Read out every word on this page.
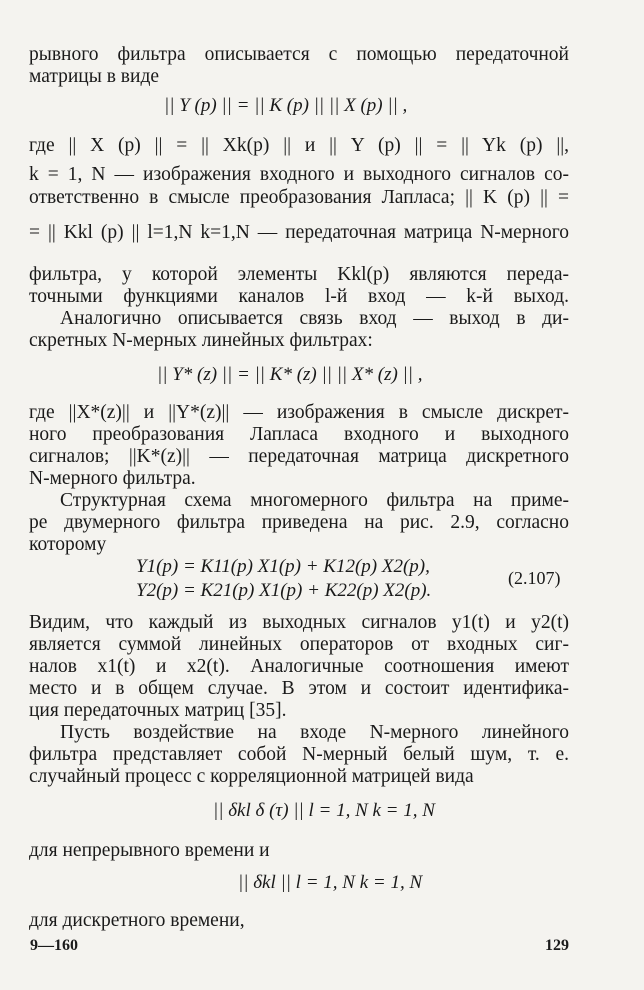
рывного фильтра описывается с помощью передаточной
матрицы в виде
|| Y (p) || = || K (p) || || X (p) || ,
где || X (p) || = || Xk(p) || и || Y (p) || = || Yk (p) ||,
k = 1, N — изображения входного и выходного сигналов со-
ответственно в смысле преобразования Лапласа; || K (p) || =
= || Kkl (p) || l=1,N k=1,N — передаточная матрица N-мерного
фильтра, у которой элементы Kkl(p) являются переда-
точными функциями каналов l-й вход — k-й выход.
Аналогично описывается связь вход — выход в ди-
скретных N-мерных линейных фильтрах:
|| Y* (z) || = || K* (z) || || X* (z) || ,
где ||X*(z)|| и ||Y*(z)|| — изображения в смысле дискрет-
ного преобразования Лапласа входного и выходного
сигналов; ||K*(z)|| — передаточная матрица дискретного
N-мерного фильтра.
Структурная схема многомерного фильтра на приме-
ре двумерного фильтра приведена на рис. 2.9, согласно
которому
Y1(p) = K11(p) X1(p) + K12(p) X2(p),
Y2(p) = K21(p) X1(p) + K22(p) X2(p).
(2.107)
Видим, что каждый из выходных сигналов y1(t) и y2(t)
является суммой линейных операторов от входных сиг-
налов x1(t) и x2(t). Аналогичные соотношения имеют
место и в общем случае. В этом и состоит идентифика-
ция передаточных матриц [35].
Пусть воздействие на входе N-мерного линейного
фильтра представляет собой N-мерный белый шум, т. е.
случайный процесс с корреляционной матрицей вида
|| δkl δ (τ) || l = 1, N k = 1, N
для непрерывного времени и
|| δkl || l = 1, N k = 1, N
для дискретного времени,
9—160	129
